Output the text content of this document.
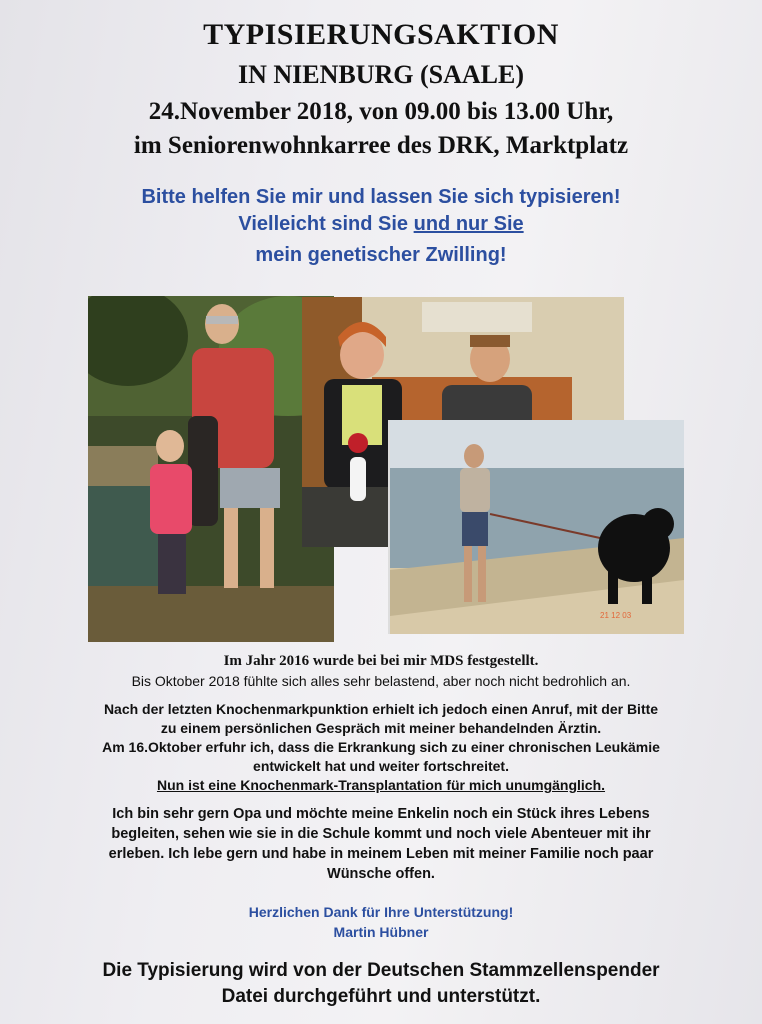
TYPISIERUNGSAKTION
IN NIENBURG (SAALE)
24.November 2018, von 09.00 bis 13.00 Uhr,
im Seniorenwohnkarree des DRK, Marktplatz
Bitte helfen Sie mir und lassen Sie sich typisieren!
Vielleicht sind Sie und nur Sie
mein genetischer Zwilling!
21 12 03
Im Jahr 2016 wurde bei bei mir MDS festgestellt.
Bis Oktober 2018 fühlte sich alles sehr belastend, aber noch nicht bedrohlich an.
Nach der letzten Knochenmarkpunktion erhielt ich jedoch einen Anruf, mit der Bitte
zu einem persönlichen Gespräch mit meiner behandelnden Ärztin.
Am 16.Oktober erfuhr ich, dass die Erkrankung sich zu einer chronischen Leukämie
entwickelt hat und weiter fortschreitet.
Nun ist eine Knochenmark-Transplantation für mich unumgänglich.
Ich bin sehr gern Opa und möchte meine Enkelin noch ein Stück ihres Lebens
begleiten, sehen wie sie in die Schule kommt und noch viele Abenteuer mit ihr
erleben. Ich lebe gern und habe in meinem Leben mit meiner Familie noch paar
Wünsche offen.
Herzlichen Dank für Ihre Unterstützung!
Martin Hübner
Die Typisierung wird von der Deutschen Stammzellenspender
Datei durchgeführt und unterstützt.
